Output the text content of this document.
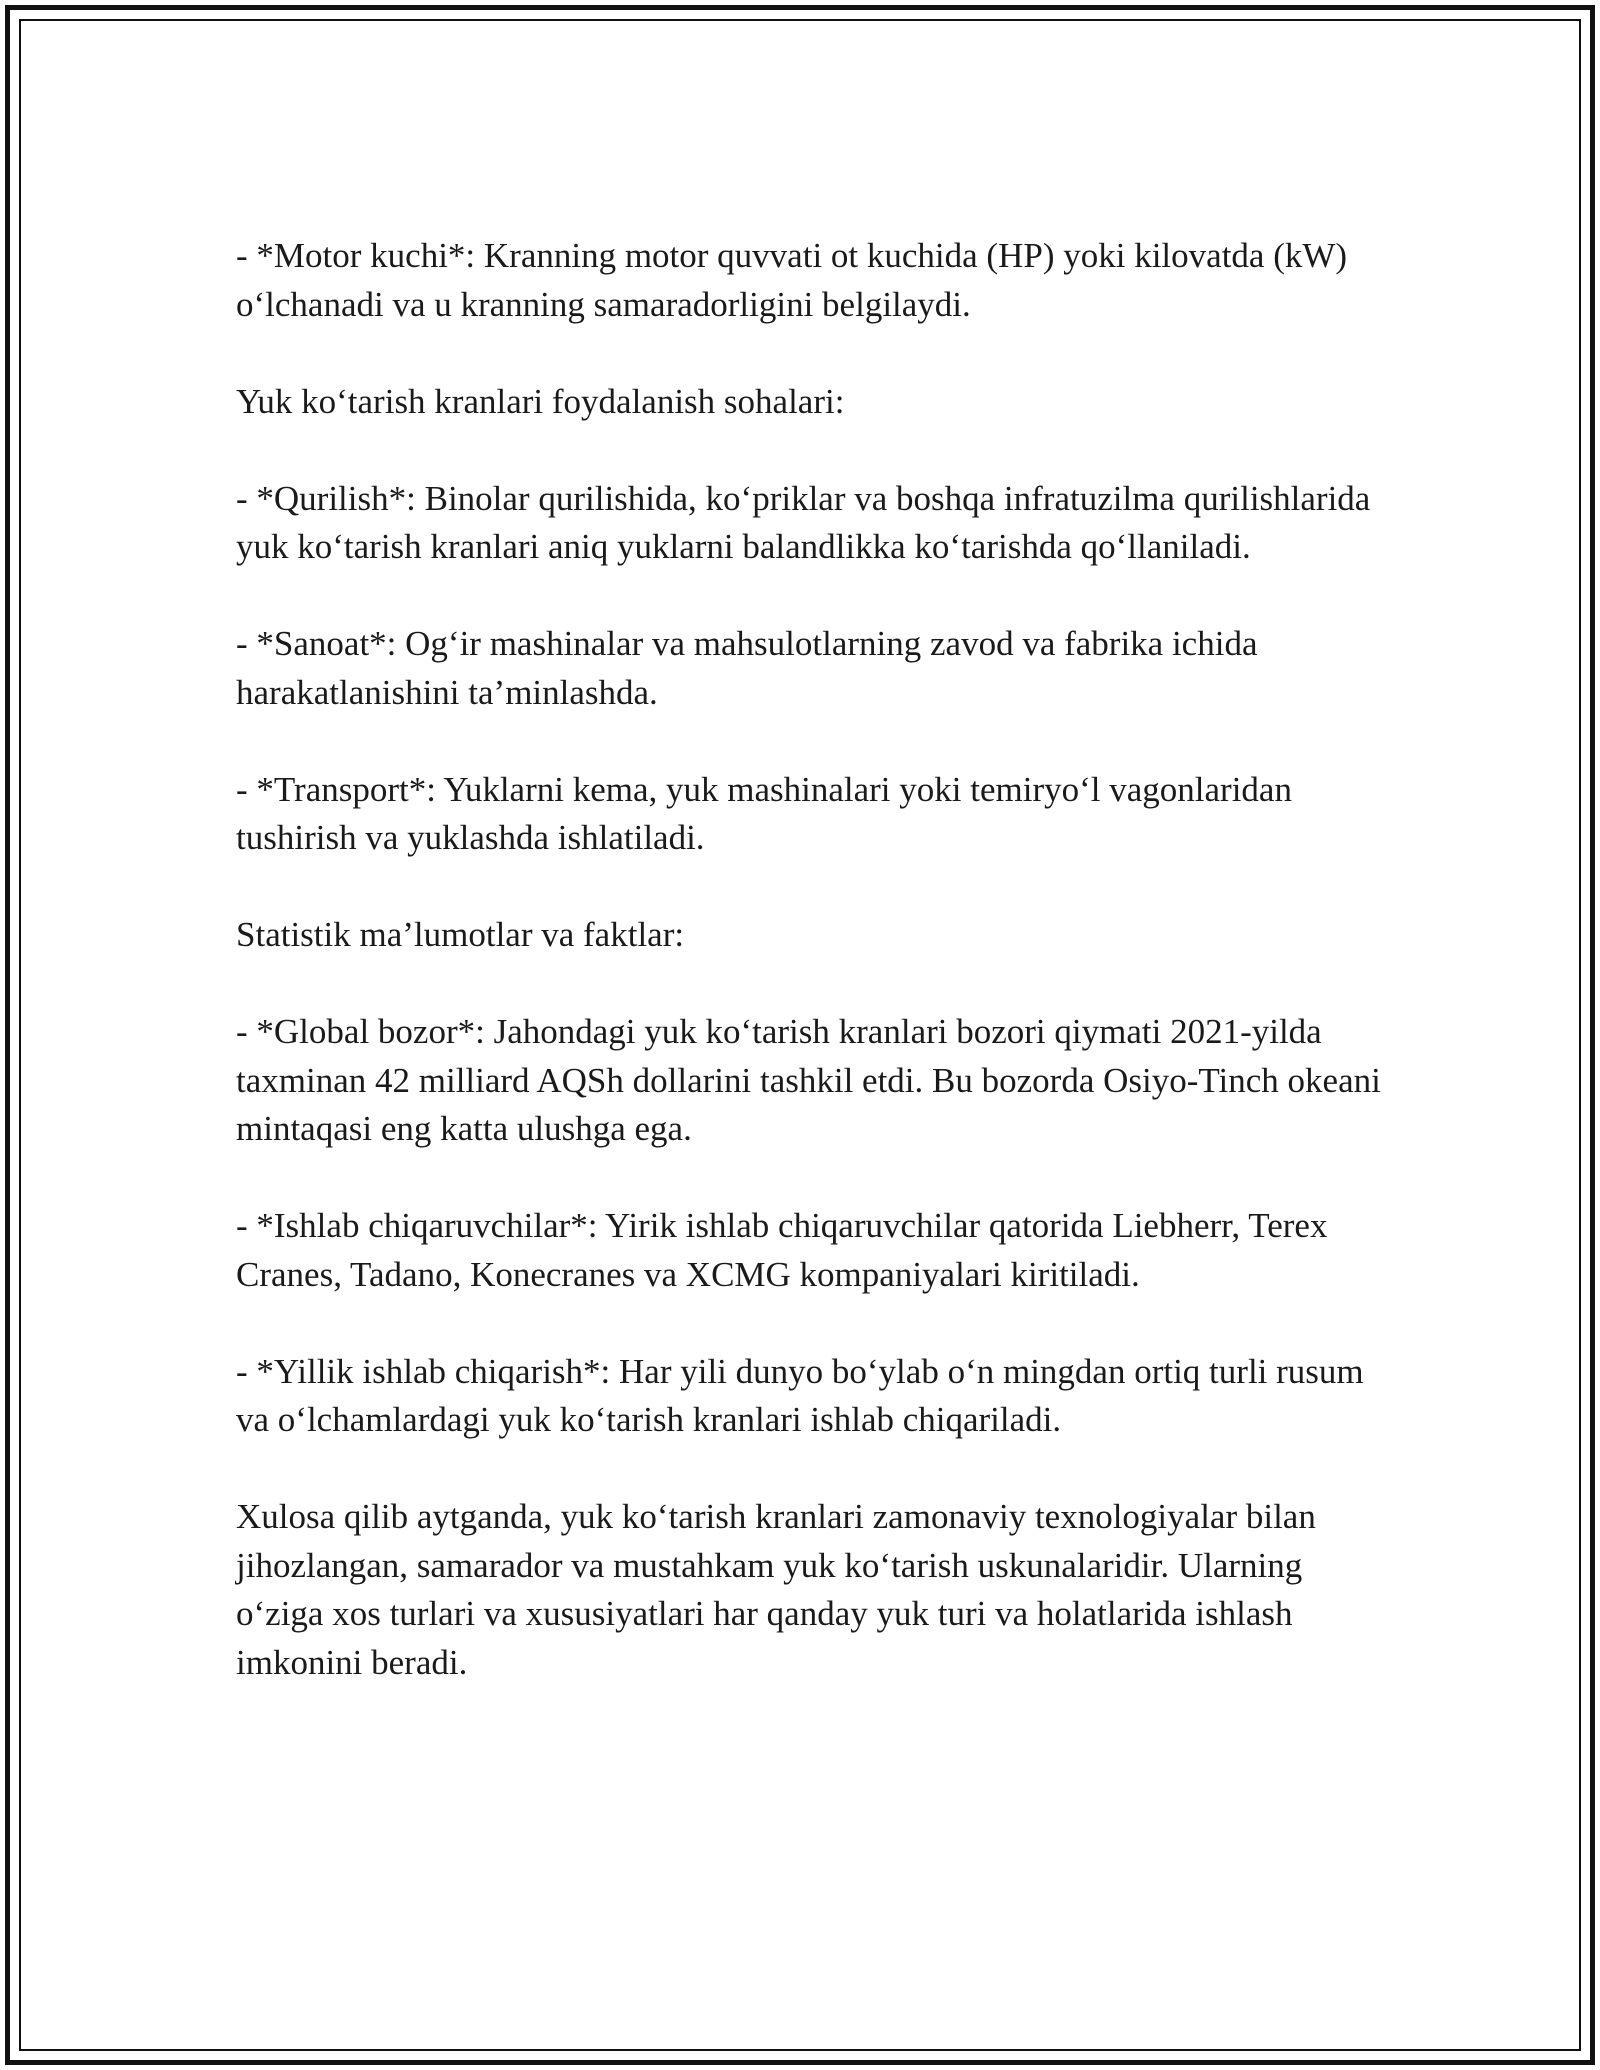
- *Motor kuchi*: Kranning motor quvvati ot kuchida (HP) yoki kilovatda (kW) o‘lchanadi va u kranning samaradorligini belgilaydi.

Yuk ko‘tarish kranlari foydalanish sohalari:

- *Qurilish*: Binolar qurilishida, ko‘priklar va boshqa infratuzilma qurilishlarida yuk ko‘tarish kranlari aniq yuklarni balandlikka ko‘tarishda qo‘llaniladi.

- *Sanoat*: Og‘ir mashinalar va mahsulotlarning zavod va fabrika ichida harakatlanishini ta’minlashda.

- *Transport*: Yuklarni kema, yuk mashinalari yoki temiryo‘l vagonlaridan tushirish va yuklashda ishlatiladi.

Statistik ma’lumotlar va faktlar:

- *Global bozor*: Jahondagi yuk ko‘tarish kranlari bozori qiymati 2021-yilda taxminan 42 milliard AQSh dollarini tashkil etdi. Bu bozorda Osiyo-Tinch okeani mintaqasi eng katta ulushga ega.

- *Ishlab chiqaruvchilar*: Yirik ishlab chiqaruvchilar qatorida Liebherr, Terex Cranes, Tadano, Konecranes va XCMG kompaniyalari kiritiladi.

- *Yillik ishlab chiqarish*: Har yili dunyo bo‘ylab o‘n mingdan ortiq turli rusum va o‘lchamlardagi yuk ko‘tarish kranlari ishlab chiqariladi.

Xulosa qilib aytganda, yuk ko‘tarish kranlari zamonaviy texnologiyalar bilan jihozlangan, samarador va mustahkam yuk ko‘tarish uskunalaridir. Ularning o‘ziga xos turlari va xususiyatlari har qanday yuk turi va holatlarida ishlash imkonini beradi.
